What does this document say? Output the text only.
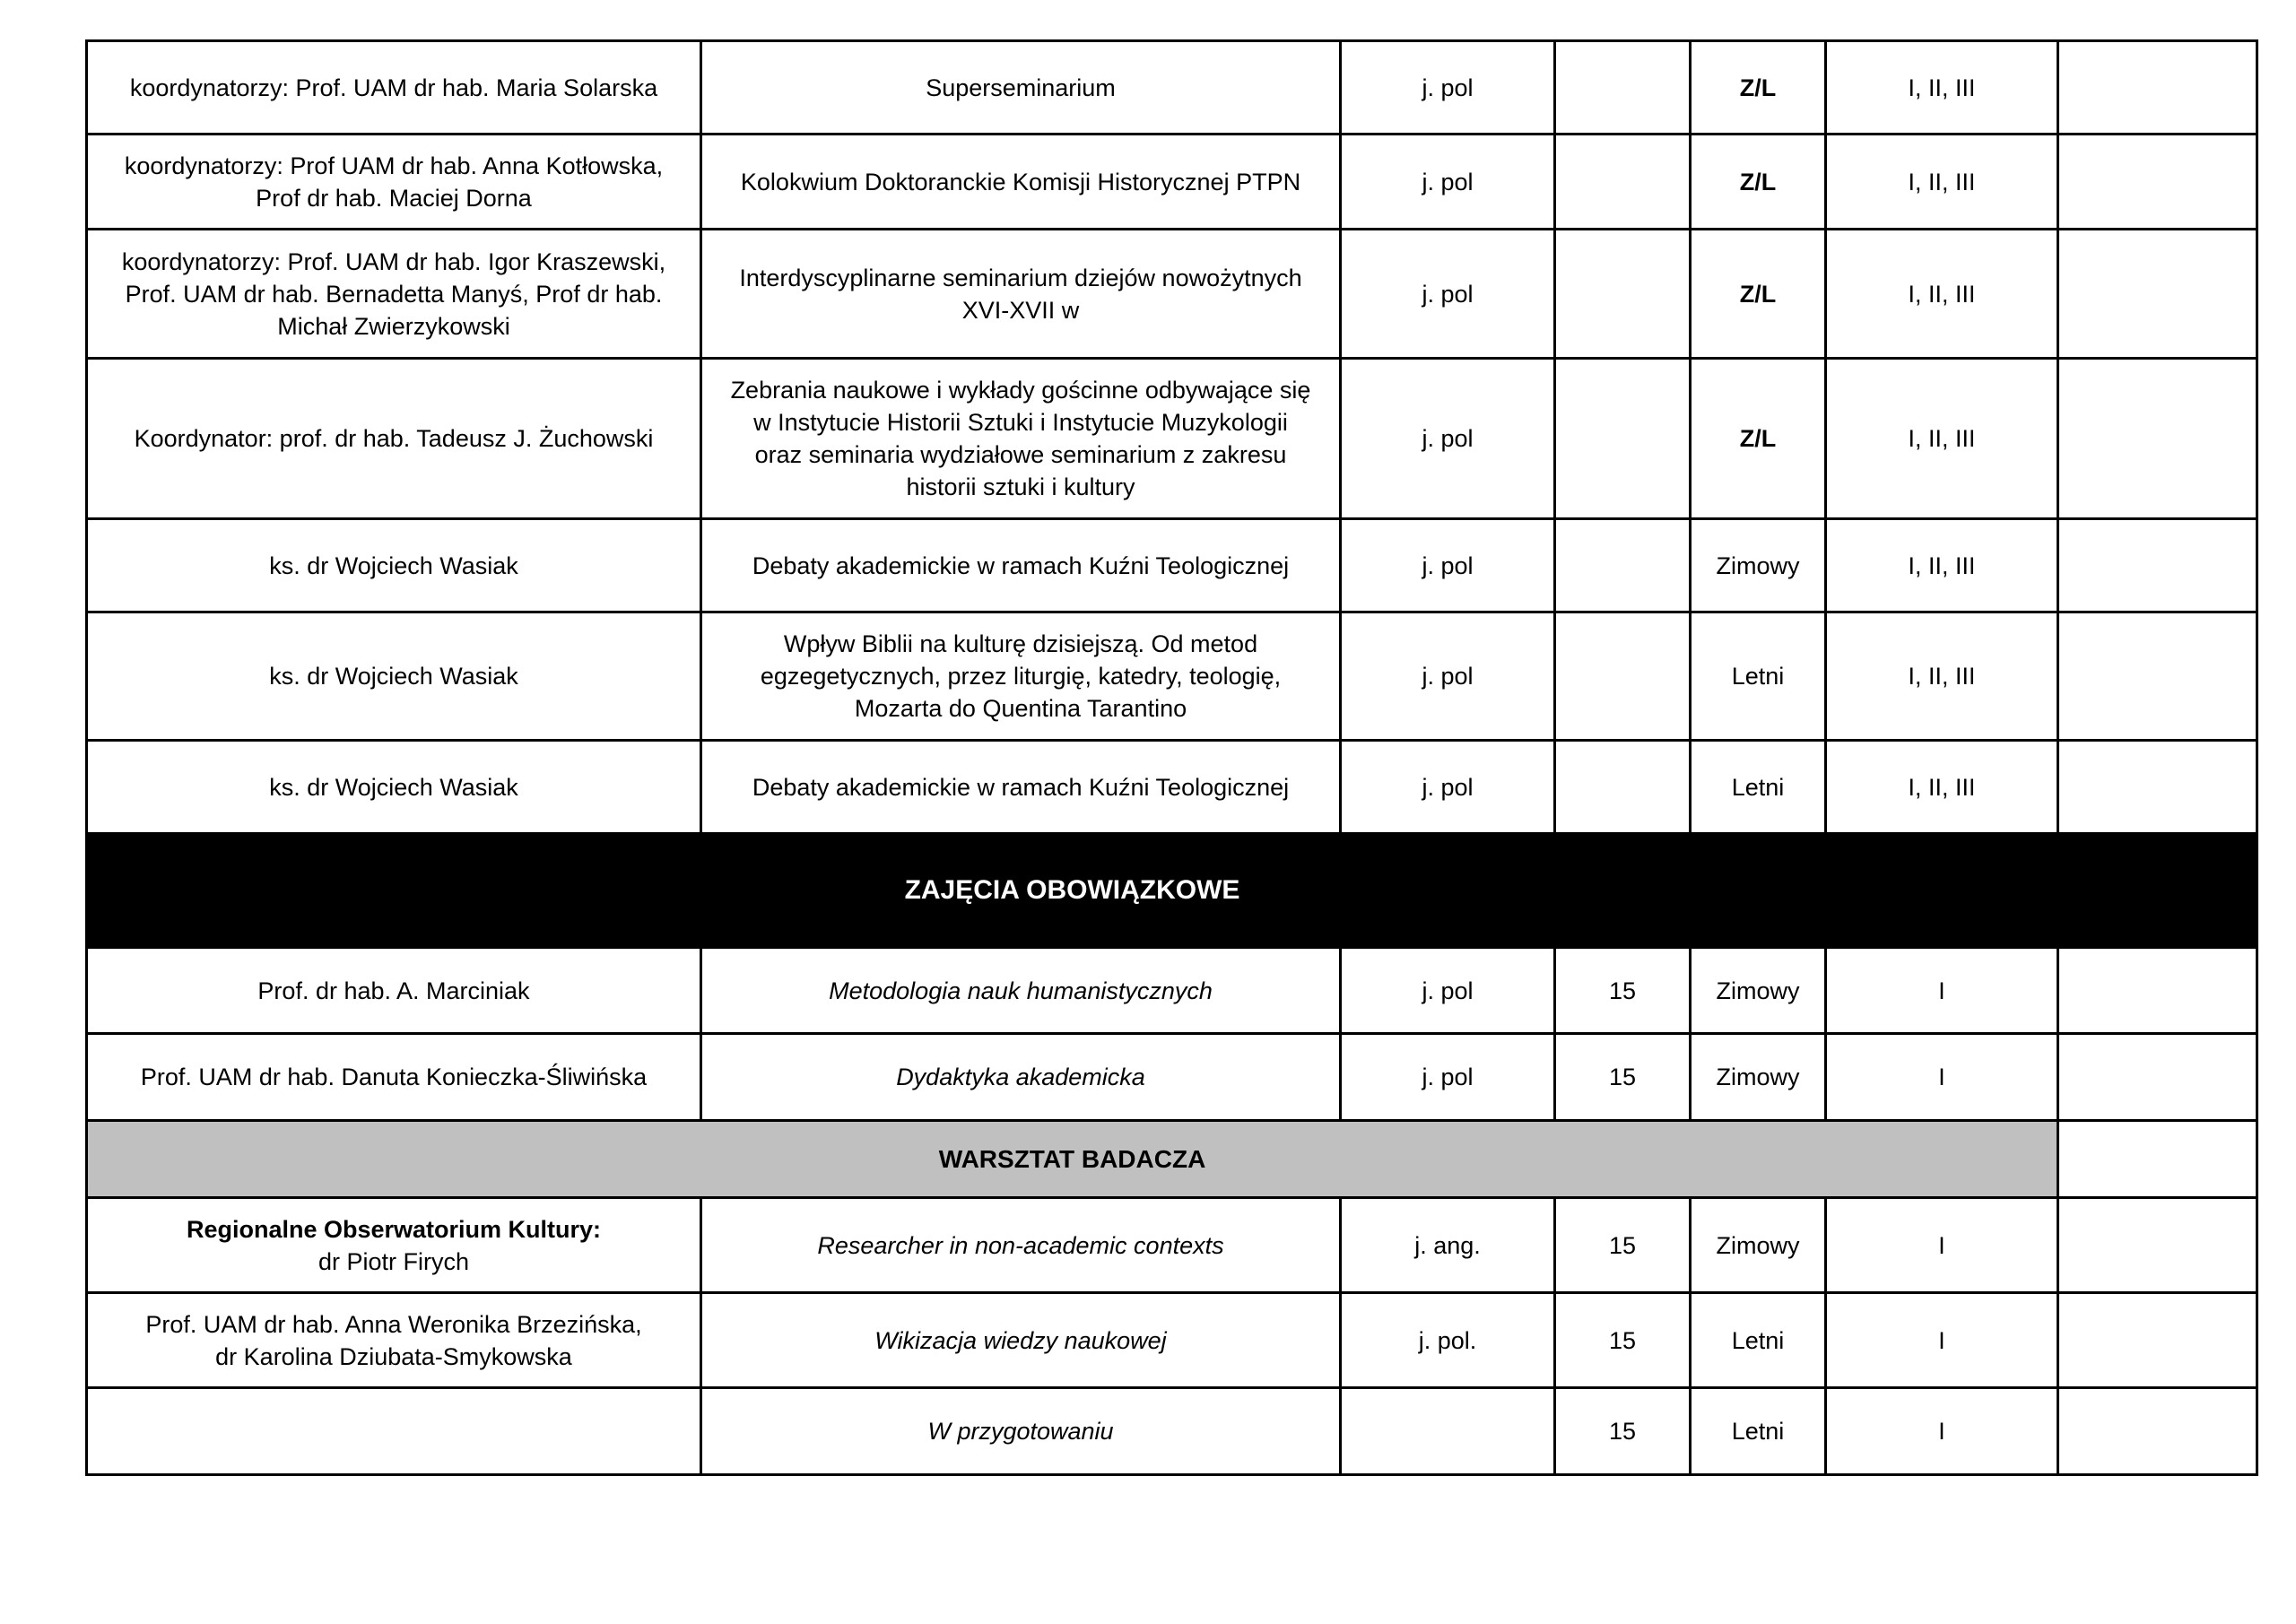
koordynatorzy: Prof. UAM dr hab. Maria Solarska	Superseminarium	j. pol		Z/L	I, II, III	

koordynatorzy: Prof UAM dr hab. Anna Kotłowska,
Prof dr hab. Maciej Dorna	Kolokwium Doktoranckie Komisji Historycznej PTPN	j. pol		Z/L	I, II, III	

koordynatorzy: Prof. UAM dr hab. Igor Kraszewski,
Prof. UAM dr hab. Bernadetta Manyś, Prof dr hab.
Michał Zwierzykowski	Interdyscyplinarne seminarium dziejów nowożytnych
XVI-XVII w	j. pol		Z/L	I, II, III	

Koordynator: prof. dr hab. Tadeusz J. Żuchowski	Zebrania naukowe i wykłady gościnne odbywające się
w Instytucie Historii Sztuki i Instytucie Muzykologii
oraz seminaria wydziałowe seminarium z zakresu
historii sztuki i kultury	j. pol		Z/L	I, II, III	

ks. dr Wojciech Wasiak	Debaty akademickie w ramach Kuźni Teologicznej	j. pol		Zimowy	I, II, III	

ks. dr Wojciech Wasiak	Wpływ Biblii na kulturę dzisiejszą. Od metod
egzegetycznych, przez liturgię, katedry, teologię,
Mozarta do Quentina Tarantino	j. pol		Letni	I, II, III	

ks. dr Wojciech Wasiak	Debaty akademickie w ramach Kuźni Teologicznej	j. pol		Letni	I, II, III	
ZAJĘCIA OBOWIĄZKOWE						

Prof. dr hab. A. Marciniak	Metodologia nauk humanistycznych	j. pol	15	Zimowy	I	

Prof. UAM dr hab. Danuta Konieczka-Śliwińska	Dydaktyka akademicka	j. pol	15	Zimowy	I	
WARSZTAT BADACZA						

Regionalne Obserwatorium Kultury:
dr Piotr Firych	Researcher in non-academic contexts	j. ang.	15	Zimowy	I	

Prof. UAM dr hab. Anna Weronika Brzezińska,
dr Karolina Dziubata-Smykowska	Wikizacja wiedzy naukowej	j. pol.	15	Letni	I	

	W przygotowaniu		15	Letni	I	
